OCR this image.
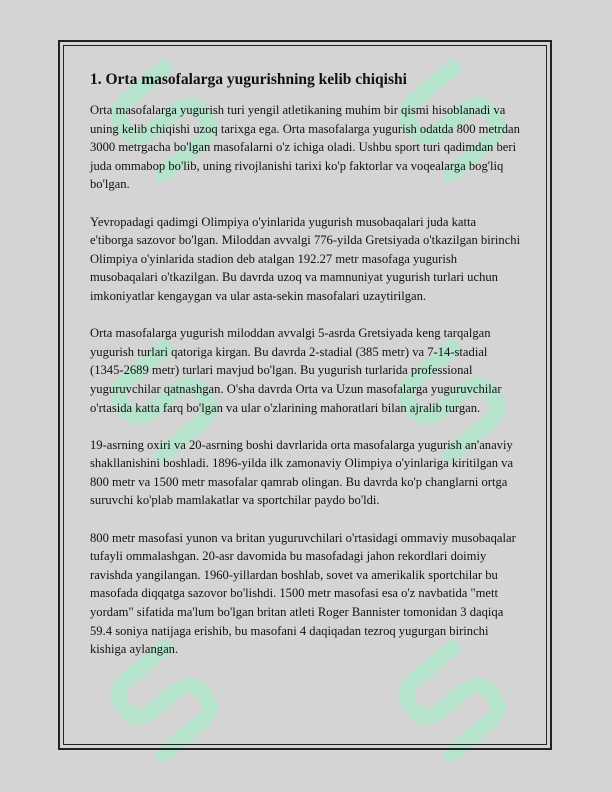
1. Orta masofalarga yugurishning kelib chiqishi

Orta masofalarga yugurish turi yengil atletikaning muhim bir qismi hisoblanadi va uning kelib chiqishi uzoq tarixga ega. Orta masofalarga yugurish odatda 800 metrdan 3000 metrgacha bo'lgan masofalarni o'z ichiga oladi. Ushbu sport turi qadimdan beri juda ommabop bo'lib, uning rivojlanishi tarixi ko'p faktorlar va voqealarga bog'liq bo'lgan.

Yevropadagi qadimgi Olimpiya o'yinlarida yugurish musobaqalari juda katta e'tiborga sazovor bo'lgan. Miloddan avvalgi 776-yilda Gretsiyada o'tkazilgan birinchi Olimpiya o'yinlarida stadion deb atalgan 192.27 metr masofaga yugurish musobaqalari o'tkazilgan. Bu davrda uzoq va mamnuniyat yugurish turlari uchun imkoniyatlar kengaygan va ular asta-sekin masofalari uzaytirilgan.

Orta masofalarga yugurish miloddan avvalgi 5-asrda Gretsiyada keng tarqalgan yugurish turlari qatoriga kirgan. Bu davrda 2-stadial (385 metr) va 7-14-stadial (1345-2689 metr) turlari mavjud bo'lgan. Bu yugurish turlarida professional yuguruvchilar qatnashgan. O'sha davrda Orta va Uzun masofalarga yuguruvchilar o'rtasida katta farq bo'lgan va ular o'zlarining mahoratlari bilan ajralib turgan.

19-asrning oxiri va 20-asrning boshi davrlarida orta masofalarga yugurish an'anaviy shakllanishini boshladi. 1896-yilda ilk zamonaviy Olimpiya o'yinlariga kiritilgan va 800 metr va 1500 metr masofalar qamrab olingan. Bu davrda ko'p changlarni ortga suruvchi ko'plab mamlakatlar va sportchilar paydo bo'ldi.

800 metr masofasi yunon va britan yuguruvchilari o'rtasidagi ommaviy musobaqalar tufayli ommalashgan. 20-asr davomida bu masofadagi jahon rekordlari doimiy ravishda yangilangan. 1960-yillardan boshlab, sovet va amerikalik sportchilar bu masofada diqqatga sazovor bo'lishdi. 1500 metr masofasi esa o'z navbatida "mett yordam" sifatida ma'lum bo'lgan britan atleti Roger Bannister tomonidan 3 daqiqa 59.4 soniya natijaga erishib, bu masofani 4 daqiqadan tezroq yugurgan birinchi kishiga aylangan.
